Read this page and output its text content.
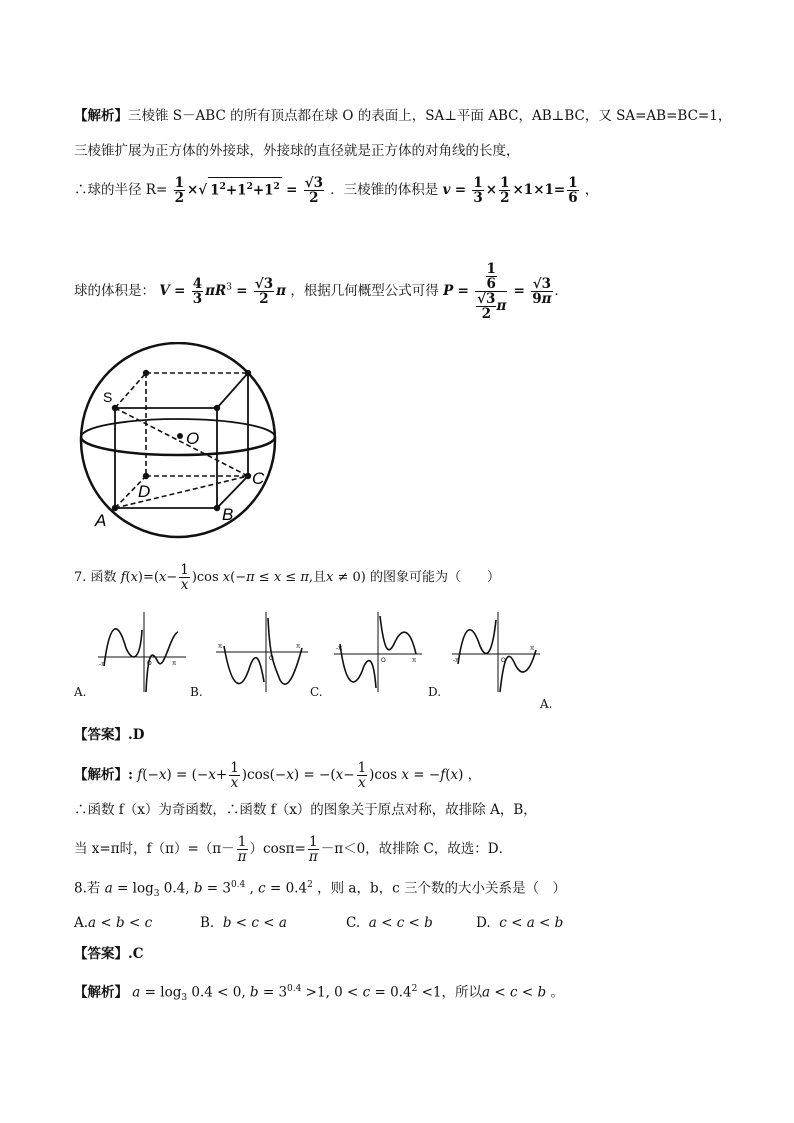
【解析】三棱锥 S－ABC 的所有顶点都在球 O 的表面上，SA⊥平面 ABC，AB⊥BC，又 SA=AB=BC=1，
三棱锥扩展为正方体的外接球，外接球的直径就是正方体的对角线的长度，
∴球的半径 $R= \frac{1}{2}$ ×√ $1^2+1^2+1^2 = \frac{√3}{2}$ ．三棱锥的体积是 $v = \frac{1}{3} \times \frac{1}{2} \times 1\times 1= \frac{1}{6}$ ，
球的体积是： $V = \frac{4}{3} \pi R^3 = \frac{√3}{2}$ π ，根据几何概型公式可得 $P = \frac{\frac{1}{6}}{\frac{√3}{2} \pi} = \frac{√3}{9\pi}$ ．
S
O
C
D
A	B
7. 函数 $f(x)=(x- \frac{1}{x} )\cos$ x(−π ≤ x ≤ π,且x ≠ 0) 的图象可能为（　　）
-π	O	π
π
O
π	-π
O	π	-π	O
π
A.	B.	C.	D.
A.
【答案】.D
【解析】: $f(-x) = (-x+ \frac{1}{x} )\cos(-x) = -(x- \frac{1}{x} )\cos$ x = −f(x) ，
∴函数 f（x）为奇函数，∴函数 f（x）的图象关于原点对称，故排除 A，B，
当 x=π时，$f(\pi)=(\pi- \frac{1}{\pi} )\cos\pi= \frac{1}{\pi} -\pi<0$，故排除 C，故选：D．
8.若 $a = \log_3 0.4$, $b = 3^{0.4}$ , $c = 0.4^2$ ，则 a，b，c 三个数的大小关系是（　）
A.a < b < c	B. b < c < a	C. a < c < b	D. c < a < b
【答案】.C
【解析】 $a = \log_3 0.4 < 0$, $b = 3^{0.4} >1$, $0 < c = 0.4^2 <1$，所以a < c < b 。
